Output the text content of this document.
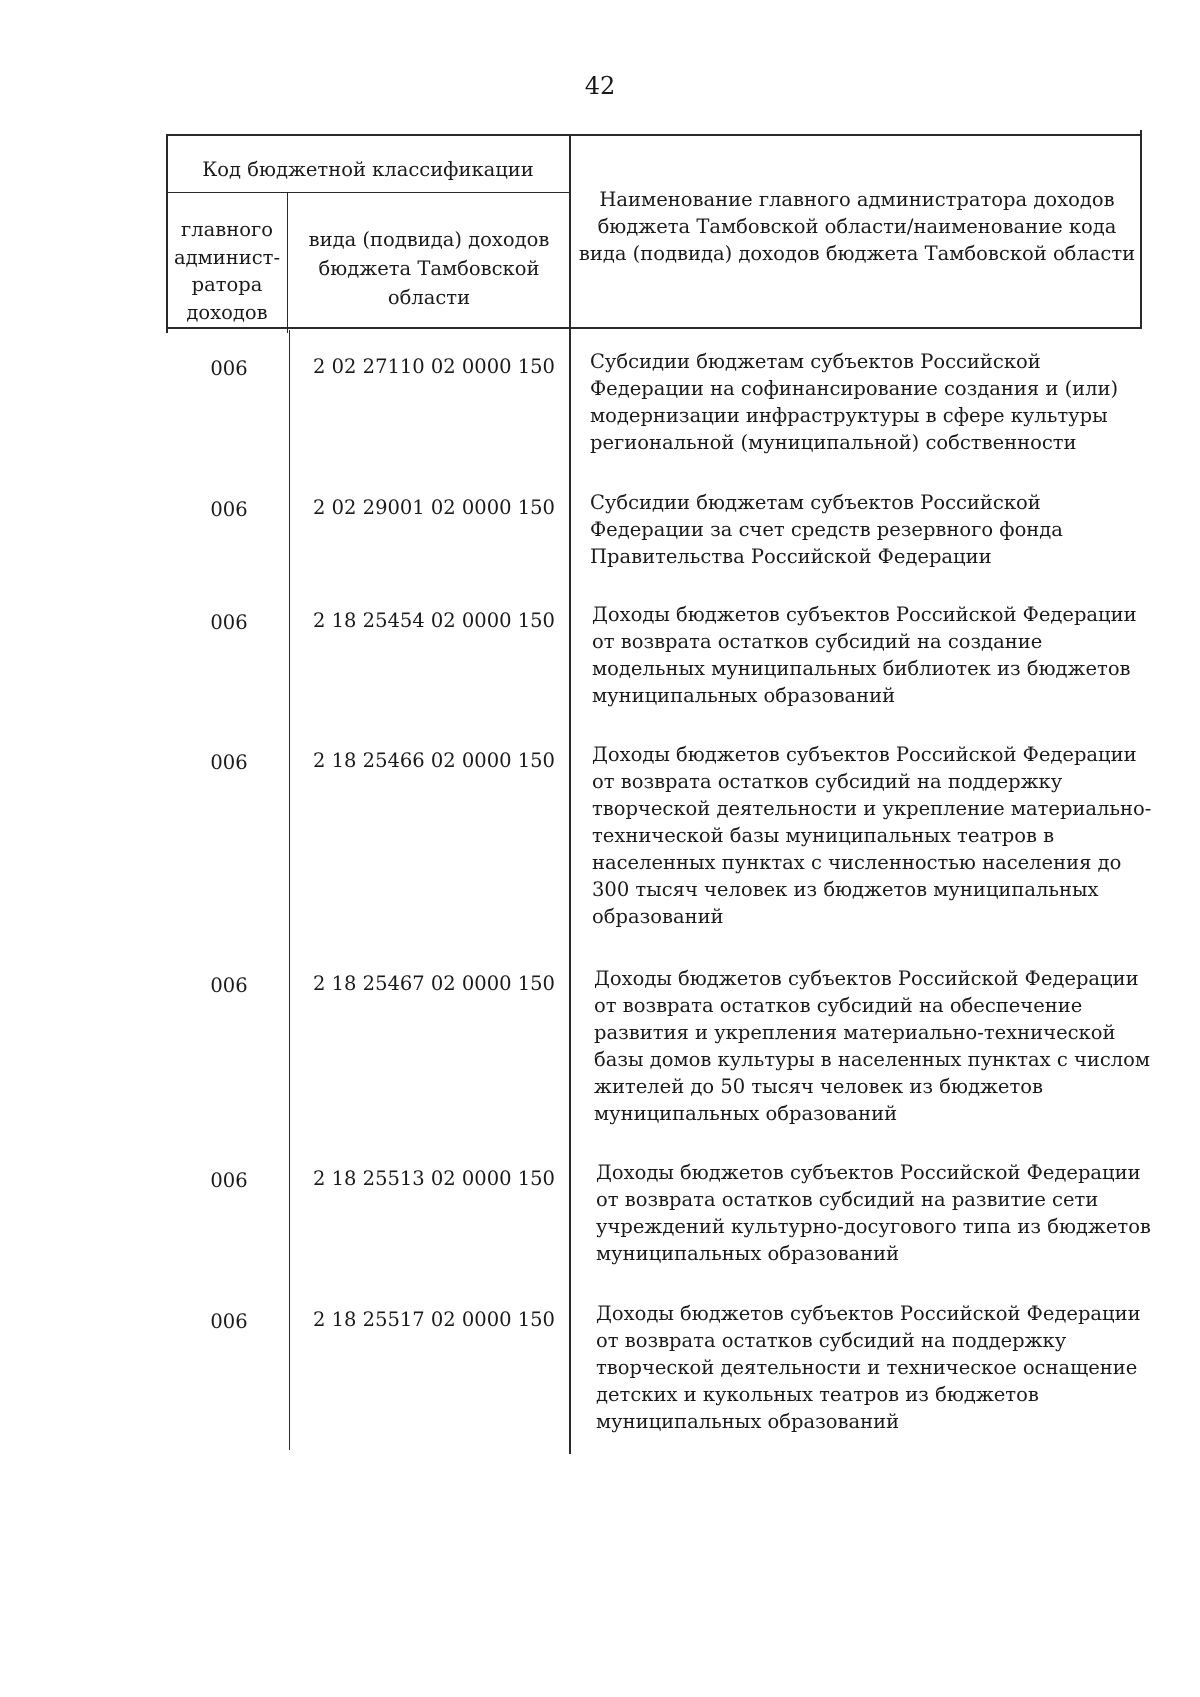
42
Код бюджетной классификации
главного админист-ратора доходов
вида (подвида) доходов бюджета Тамбовской области
Наименование главного администратора доходов бюджета Тамбовской области/наименование кода вида (подвида) доходов бюджета Тамбовской области
006	2 02 27110 02 0000 150	Субсидии бюджетам субъектов Российской Федерации на софинансирование создания и (или) модернизации инфраструктуры в сфере культуры региональной (муниципальной) собственности
006	2 02 29001 02 0000 150	Субсидии бюджетам субъектов Российской Федерации за счет средств резервного фонда Правительства Российской Федерации
006	2 18 25454 02 0000 150	Доходы бюджетов субъектов Российской Федерации от возврата остатков субсидий на создание модельных муниципальных библиотек из бюджетов муниципальных образований
006	2 18 25466 02 0000 150	Доходы бюджетов субъектов Российской Федерации от возврата остатков субсидий на поддержку творческой деятельности и укрепление материально-технической базы муниципальных театров в населенных пунктах с численностью населения до 300 тысяч человек из бюджетов муниципальных образований
006	2 18 25467 02 0000 150	Доходы бюджетов субъектов Российской Федерации от возврата остатков субсидий на обеспечение развития и укрепления материально-технической базы домов культуры в населенных пунктах с числом жителей до 50 тысяч человек из бюджетов муниципальных образований
006	2 18 25513 02 0000 150	Доходы бюджетов субъектов Российской Федерации от возврата остатков субсидий на развитие сети учреждений культурно-досугового типа из бюджетов муниципальных образований
006	2 18 25517 02 0000 150	Доходы бюджетов субъектов Российской Федерации от возврата остатков субсидий на поддержку творческой деятельности и техническое оснащение детских и кукольных театров из бюджетов муниципальных образований
